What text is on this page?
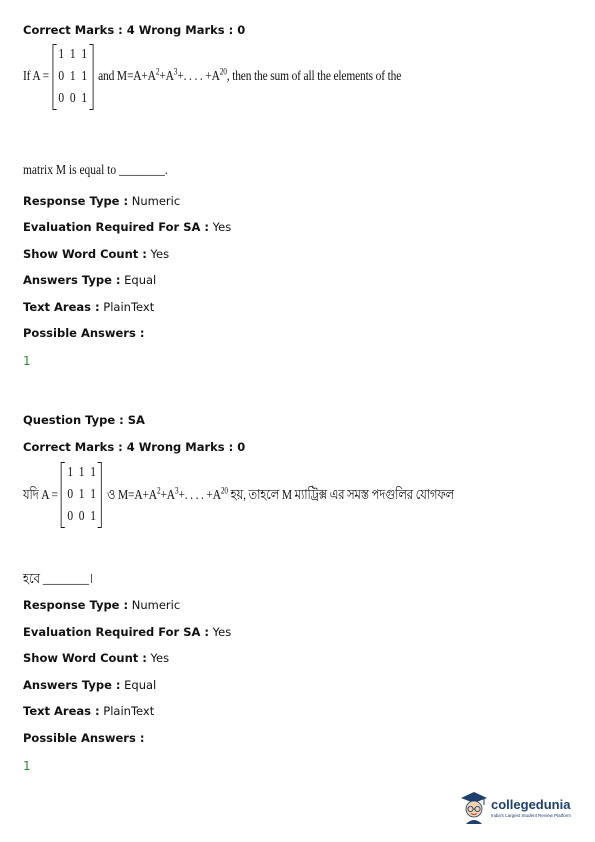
Correct Marks : 4 Wrong Marks : 0
If A =
1 1 1
0 1 1
0 0 1
and $M=A+A^2+A^3+$. . . . $+A^{20}$, then the sum of all the elements of the
matrix M is equal to ________.
Response Type : Numeric
Evaluation Required For SA : Yes
Show Word Count : Yes
Answers Type : Equal
Text Areas : PlainText
Possible Answers :
1
Question Type : SA
Correct Marks : 4 Wrong Marks : 0
যদি A =
1 1 1
0 1 1
0 0 1
ও $M=A+A^2+A^3+$. . . . $+A^{20}$ হয়, তাহলে M ম্যাট্রিক্স এর সমস্ত পদগুলির যোগফল
হবে ________।
Response Type : Numeric
Evaluation Required For SA : Yes
Show Word Count : Yes
Answers Type : Equal
Text Areas : PlainText
Possible Answers :
1
collegedunia
India's Largest Student Review Platform
